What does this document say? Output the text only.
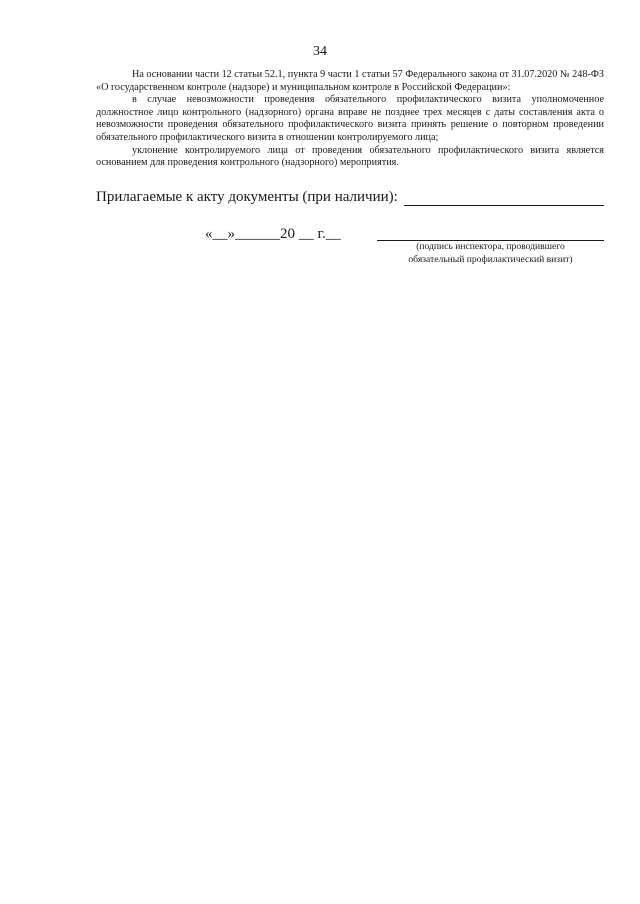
34

На основании части 12 статьи 52.1, пункта 9 части 1 статьи 57 Федерального закона от 31.07.2020 № 248-ФЗ «О государственном контроле (надзоре) и муниципальном контроле в Российской Федерации»:

в случае невозможности проведения обязательного профилактического визита уполномоченное должностное лицо контрольного (надзорного) органа вправе не позднее трех месяцев с даты составления акта о невозможности проведения обязательного профилактического визита принять решение о повторном проведении обязательного профилактического визита в отношении контролируемого лица;

уклонение контролируемого лица от проведения обязательного профилактического визита является основанием для проведения контрольного (надзорного) мероприятия.

Прилагаемые к акту документы (при наличии):
«__»______20 __ г.__
(подпись инспектора, проводившего
обязательный профилактический визит)
